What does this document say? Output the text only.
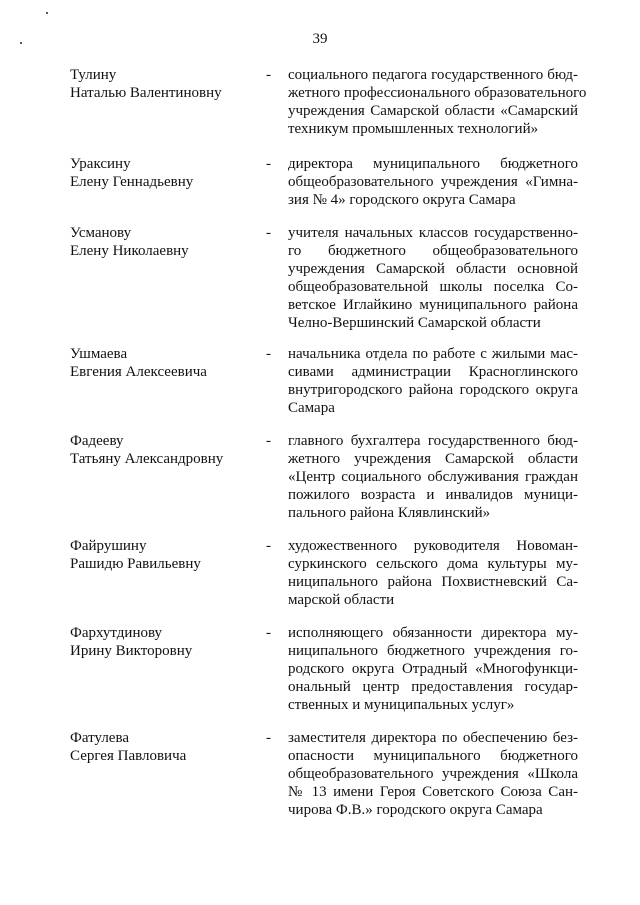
39
Тулину
Наталью Валентиновну
- социального педагога государственного бюд-
жетного профессионального образовательного
учреждения Самарской области «Самарский
техникум промышленных технологий»
Ураксину
Елену Геннадьевну
- директора муниципального бюджетного
общеобразовательного учреждения «Гимна-
зия № 4» городского округа Самара
Усманову
Елену Николаевну
- учителя начальных классов государственно-
го бюджетного общеобразовательного
учреждения Самарской области основной
общеобразовательной школы поселка Со-
ветское Иглайкино муниципального района
Челно-Вершинский Самарской области
Ушмаева
Евгения Алексеевича
- начальника отдела по работе с жилыми мас-
сивами администрации Красноглинского
внутригородского района городского округа
Самара
Фадееву
Татьяну Александровну
- главного бухгалтера государственного бюд-
жетного учреждения Самарской области
«Центр социального обслуживания граждан
пожилого возраста и инвалидов муници-
пального района Клявлинский»
Файрушину
Рашидю Равильевну
- художественного руководителя Новоман-
суркинского сельского дома культуры му-
ниципального района Похвистневский Са-
марской области
Фархутдинову
Ирину Викторовну
- исполняющего обязанности директора му-
ниципального бюджетного учреждения го-
родского округа Отрадный «Многофункци-
ональный центр предоставления государ-
ственных и муниципальных услуг»
Фатулева
Сергея Павловича
- заместителя директора по обеспечению без-
опасности муниципального бюджетного
общеобразовательного учреждения «Школа
№ 13 имени Героя Советского Союза Сан-
чирова Ф.В.» городского округа Самара
